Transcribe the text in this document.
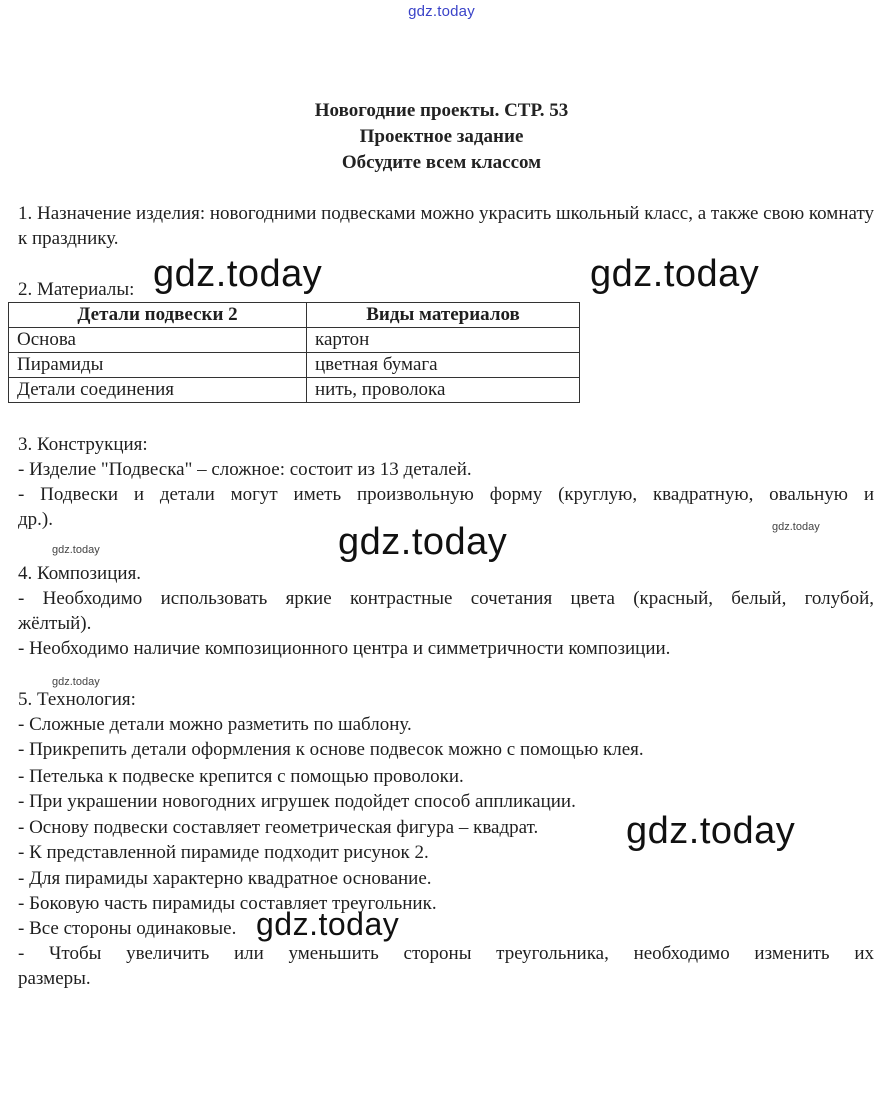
gdz.today
Новогодние проекты. СТР. 53
Проектное задание
Обсудите всем классом
1. Назначение изделия: новогодними подвесками можно украсить школьный класс, а также свою комнату к празднику.
2. Материалы:
Детали подвески 2	Виды материалов
Основа	картон
Пирамиды	цветная бумага
Детали соединения	нить, проволока
3. Конструкция:
- Изделие "Подвеска" – сложное: состоит из 13 деталей.
- Подвески и детали могут иметь произвольную форму (круглую, квадратную, овальную и
др.).
4. Композиция.
- Необходимо использовать яркие контрастные сочетания цвета (красный, белый, голубой,
жёлтый).
- Необходимо наличие композиционного центра и симметричности композиции.
5. Технология:
- Сложные детали можно разметить по шаблону.
- Прикрепить детали оформления к основе подвесок можно с помощью клея.
- Петелька к подвеске крепится с помощью проволоки.
- При украшении новогодних игрушек подойдет способ аппликации.
- Основу подвески составляет геометрическая фигура – квадрат.
- К представленной пирамиде подходит рисунок 2.
- Для пирамиды характерно квадратное основание.
- Боковую часть пирамиды составляет треугольник.
- Все стороны одинаковые.
- Чтобы увеличить или уменьшить стороны треугольника, необходимо изменить их
размеры.
gdz.today	gdz.today
gdz.today
gdz.today
gdz.today
gdz.today
gdz.today
gdz.today
